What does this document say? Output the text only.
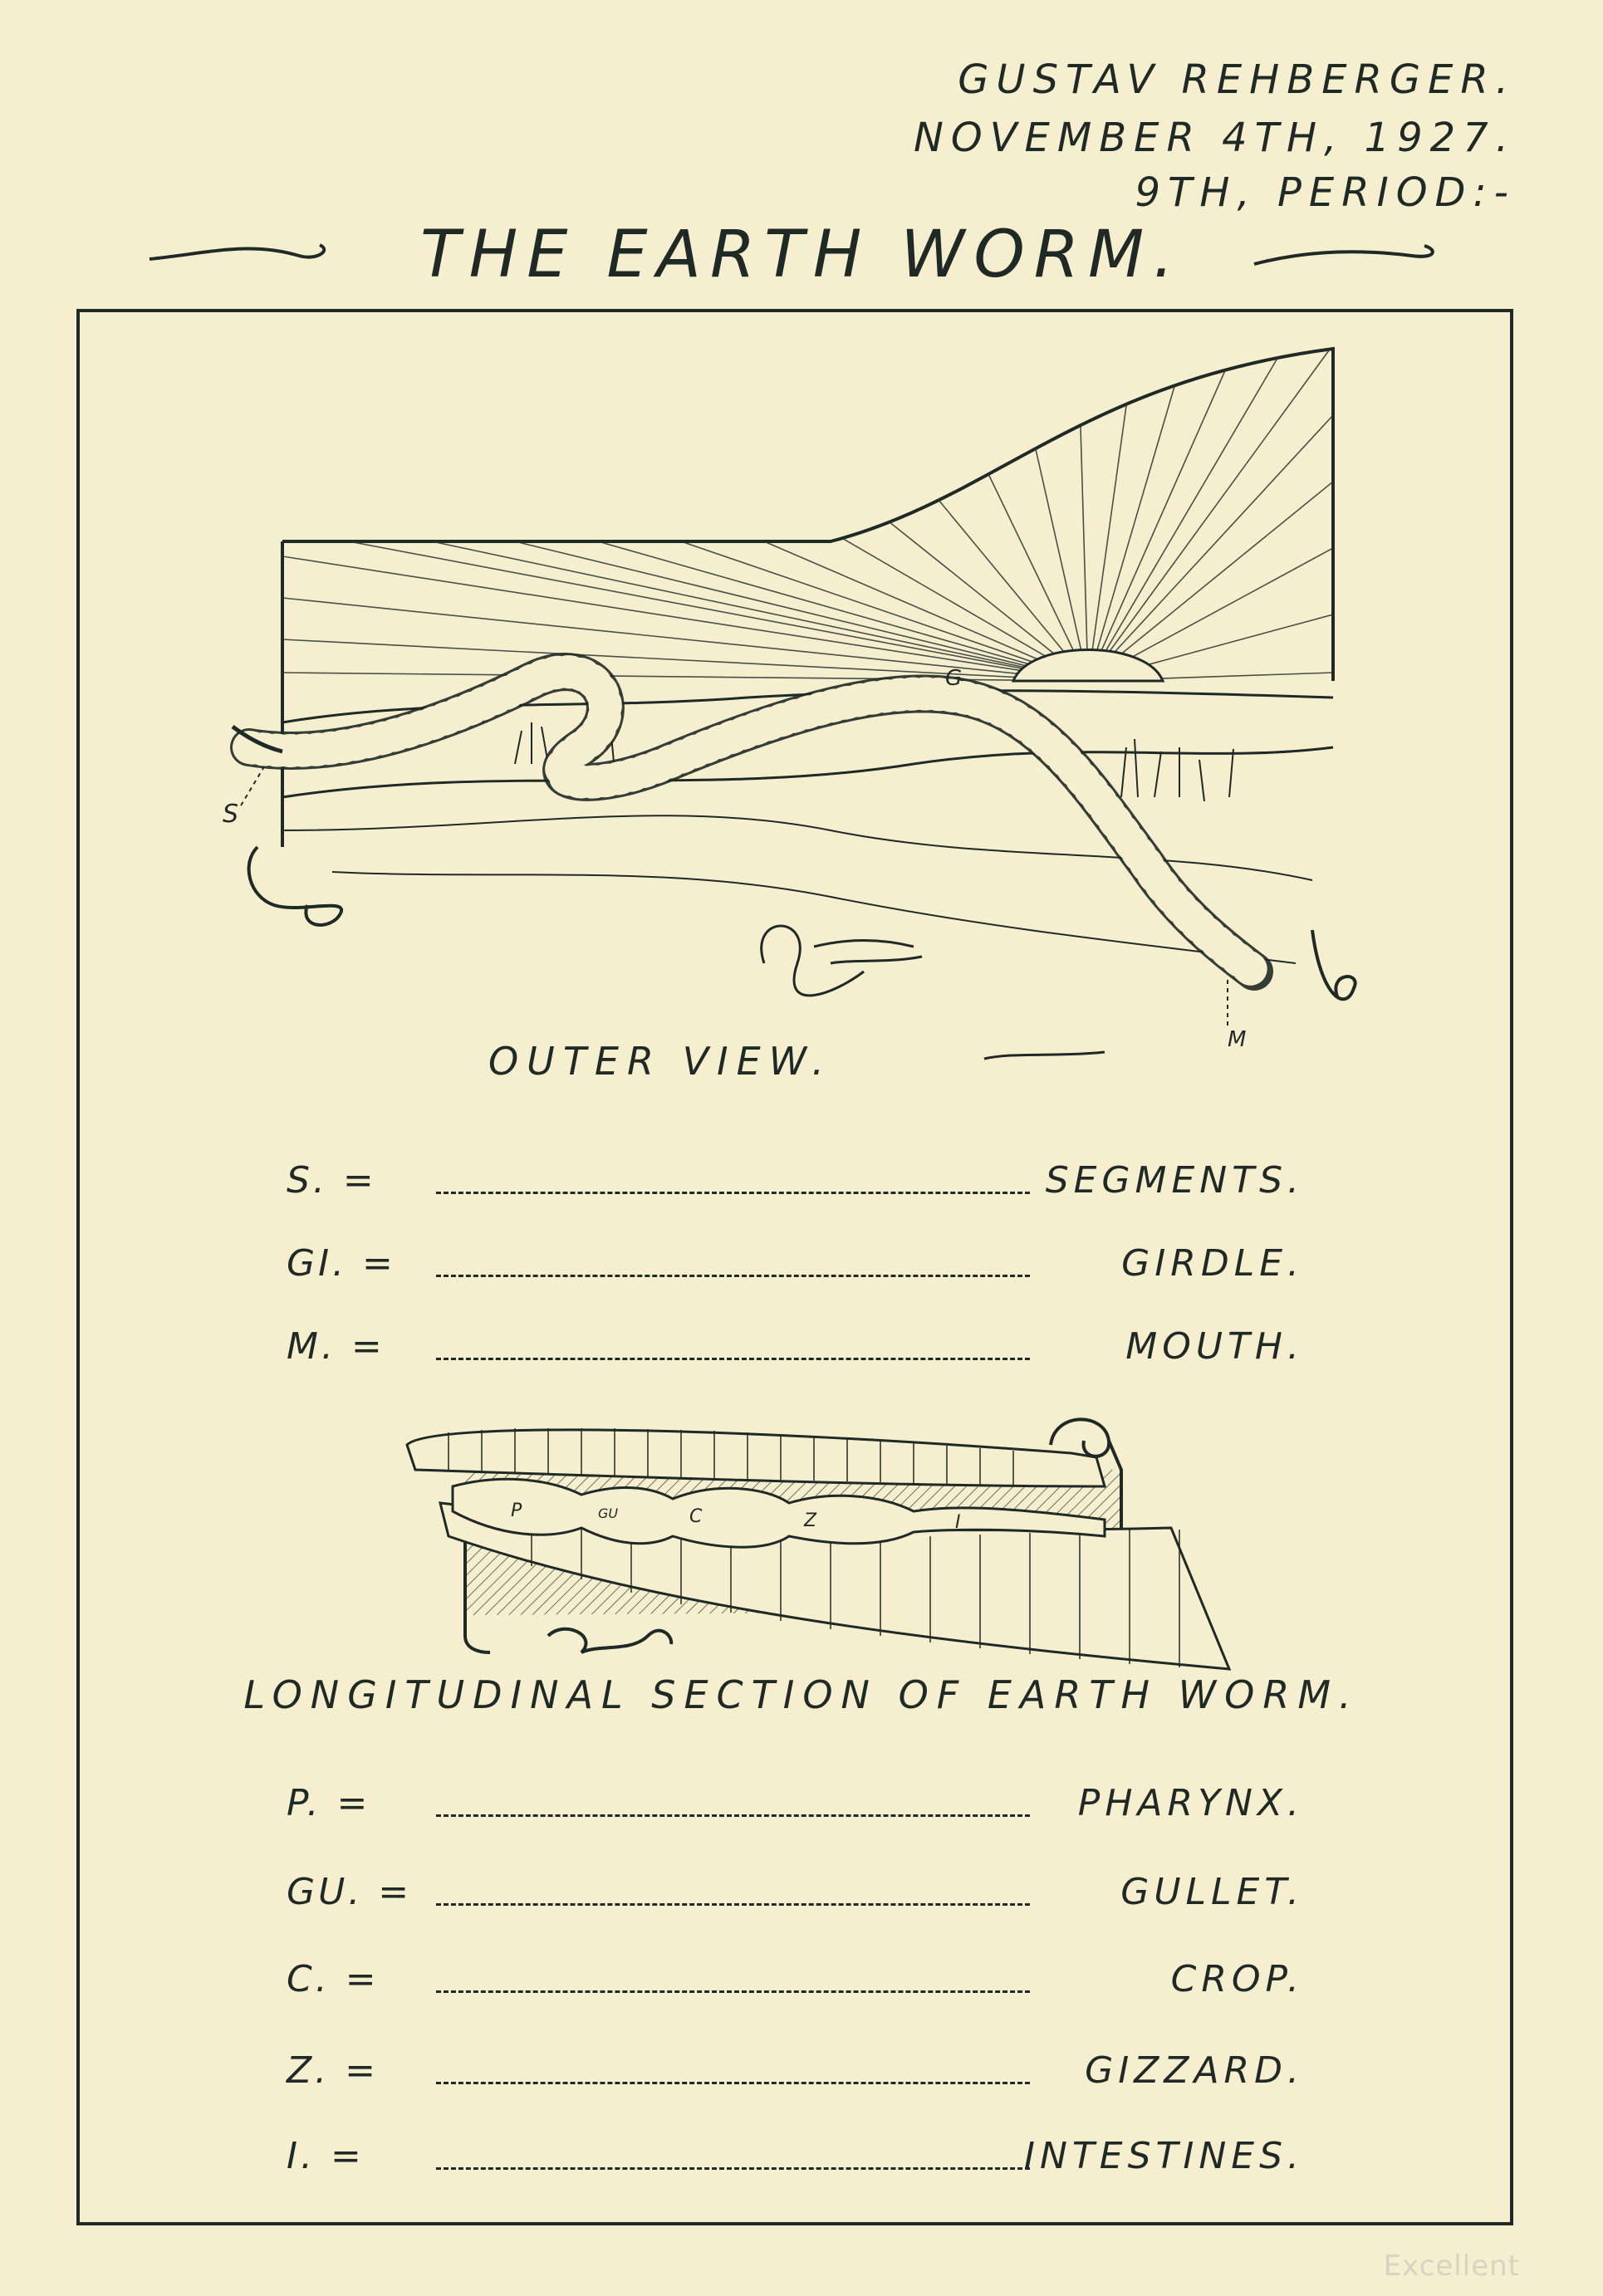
GUSTAV REHBERGER.
NOVEMBER 4TH, 1927.
9TH, PERIOD:-
THE EARTH WORM.
S
G
M
OUTER VIEW.
S. =	SEGMENTS.
GI. =	GIRDLE.
M. =	MOUTH.
P	GU	C	Z	I
LONGITUDINAL SECTION OF EARTH WORM.
P. =	PHARYNX.
GU. =	GULLET.
C. =	CROP.
Z. =	GIZZARD.
I. =	INTESTINES.
Excellent
